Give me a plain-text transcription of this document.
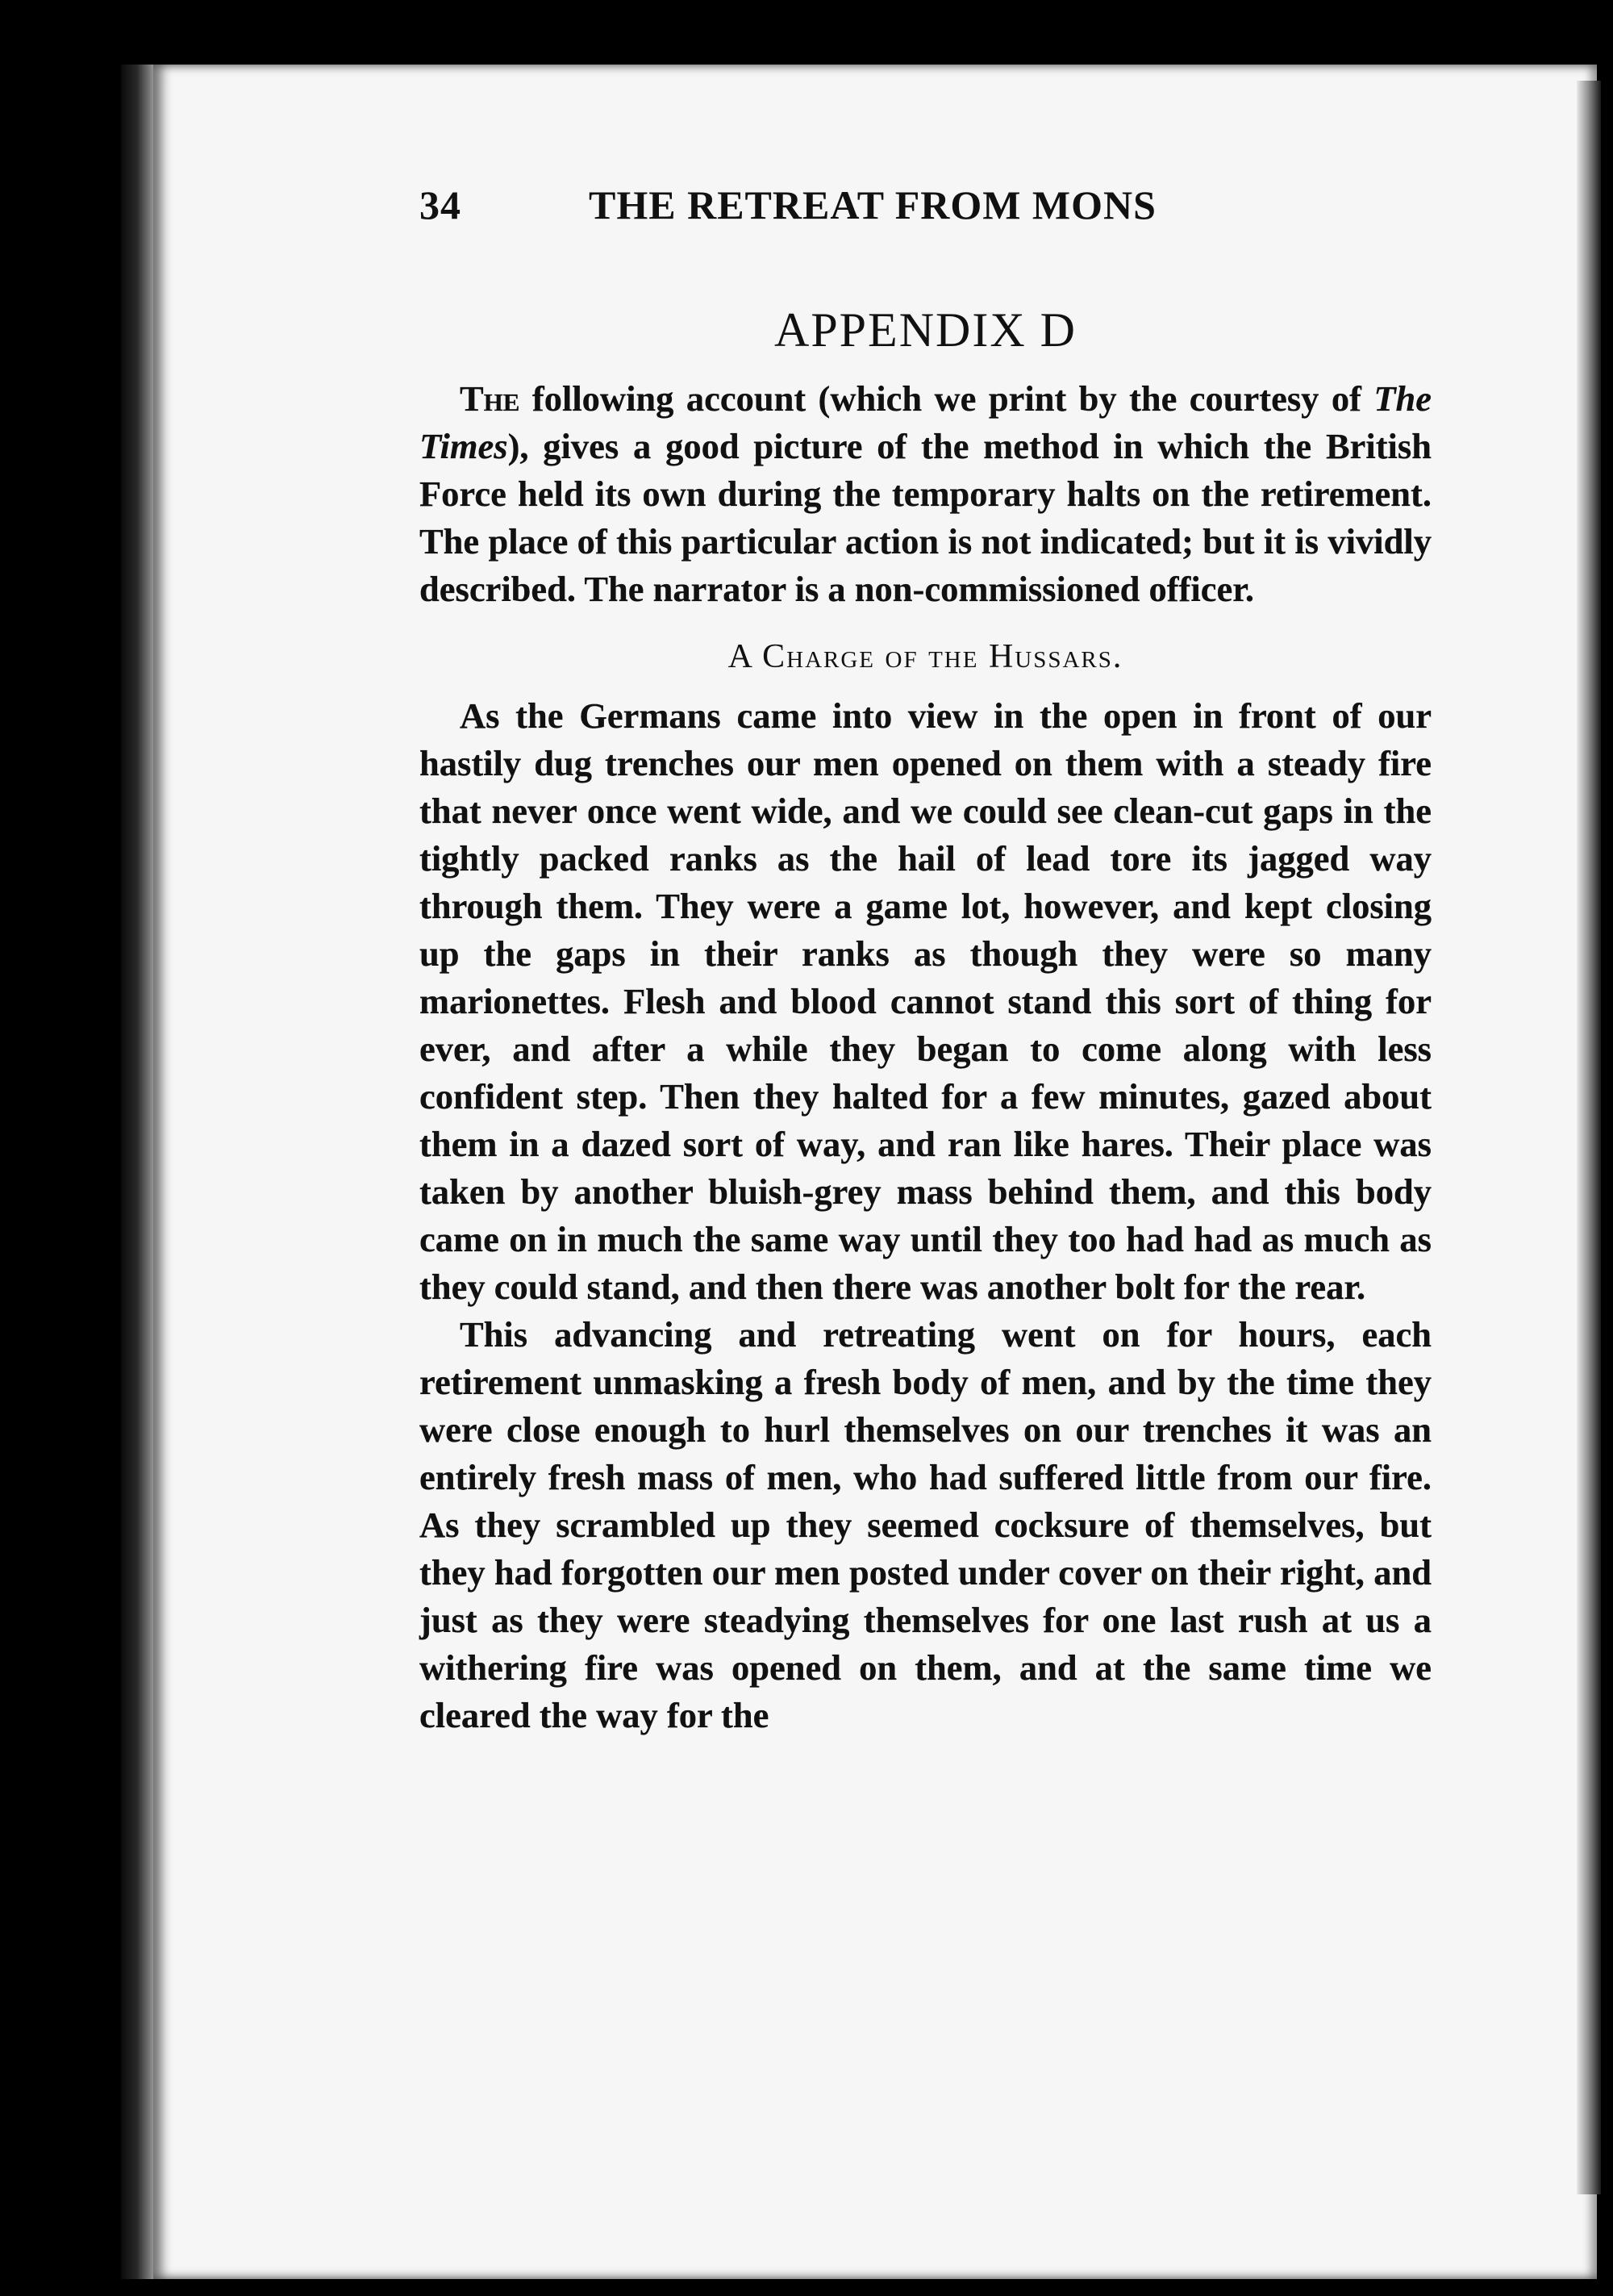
34	THE RETREAT FROM MONS
APPENDIX D

The following account (which we print by the courtesy of The Times), gives a good picture of the method in which the British Force held its own during the temporary halts on the retirement. The place of this particular action is not indicated; but it is vividly described. The narrator is a non-commissioned officer.

A Charge of the Hussars.

As the Germans came into view in the open in front of our hastily dug trenches our men opened on them with a steady fire that never once went wide, and we could see clean-cut gaps in the tightly packed ranks as the hail of lead tore its jagged way through them. They were a game lot, however, and kept closing up the gaps in their ranks as though they were so many marionettes. Flesh and blood cannot stand this sort of thing for ever, and after a while they began to come along with less confident step. Then they halted for a few minutes, gazed about them in a dazed sort of way, and ran like hares. Their place was taken by another bluish-grey mass behind them, and this body came on in much the same way until they too had had as much as they could stand, and then there was another bolt for the rear.

This advancing and retreating went on for hours, each retirement unmasking a fresh body of men, and by the time they were close enough to hurl themselves on our trenches it was an entirely fresh mass of men, who had suffered little from our fire. As they scrambled up they seemed cocksure of themselves, but they had forgotten our men posted under cover on their right, and just as they were steadying themselves for one last rush at us a withering fire was opened on them, and at the same time we cleared the way for the
